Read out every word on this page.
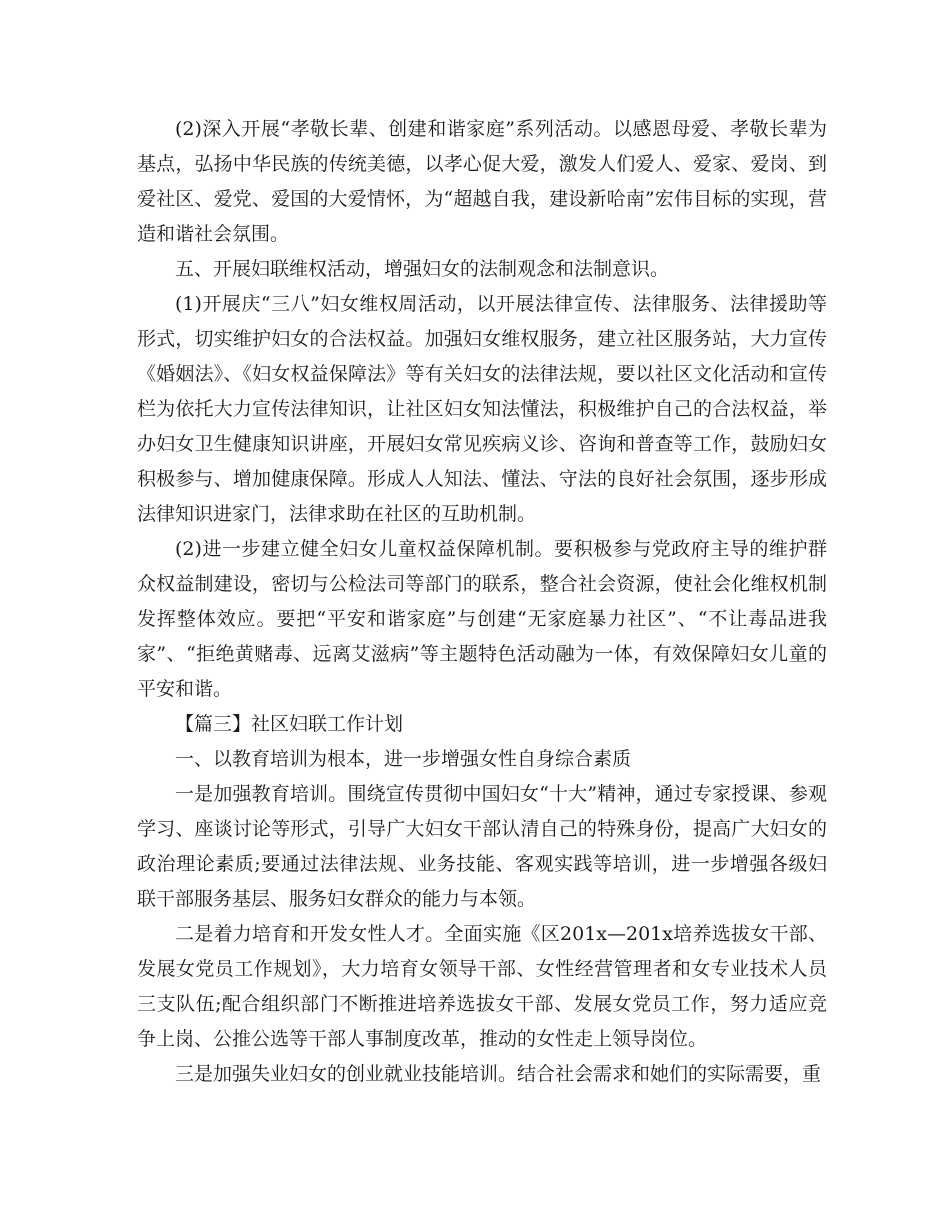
(2)深入开展“孝敬长辈、创建和谐家庭”系列活动。以感恩母爱、孝敬长辈为基点，弘扬中华民族的传统美德，以孝心促大爱，激发人们爱人、爱家、爱岗、到爱社区、爱党、爱国的大爱情怀，为“超越自我，建设新哈南”宏伟目标的实现，营造和谐社会氛围。

五、开展妇联维权活动，增强妇女的法制观念和法制意识。

(1)开展庆“三八”妇女维权周活动，以开展法律宣传、法律服务、法律援助等形式，切实维护妇女的合法权益。加强妇女维权服务，建立社区服务站，大力宣传《婚姻法》、《妇女权益保障法》等有关妇女的法律法规，要以社区文化活动和宣传栏为依托大力宣传法律知识，让社区妇女知法懂法，积极维护自己的合法权益，举办妇女卫生健康知识讲座，开展妇女常见疾病义诊、咨询和普查等工作，鼓励妇女积极参与、增加健康保障。形成人人知法、懂法、守法的良好社会氛围，逐步形成法律知识进家门，法律求助在社区的互助机制。

(2)进一步建立健全妇女儿童权益保障机制。要积极参与党政府主导的维护群众权益制建设，密切与公检法司等部门的联系，整合社会资源，使社会化维权机制发挥整体效应。要把“平安和谐家庭”与创建“无家庭暴力社区”、“不让毒品进我家”、“拒绝黄赌毒、远离艾滋病”等主题特色活动融为一体，有效保障妇女儿童的平安和谐。

【篇三】社区妇联工作计划

一、以教育培训为根本，进一步增强女性自身综合素质

一是加强教育培训。围绕宣传贯彻中国妇女“十大”精神，通过专家授课、参观学习、座谈讨论等形式，引导广大妇女干部认清自己的特殊身份，提高广大妇女的政治理论素质;要通过法律法规、业务技能、客观实践等培训，进一步增强各级妇联干部服务基层、服务妇女群众的能力与本领。

二是着力培育和开发女性人才。全面实施《区201x—201x培养选拔女干部、发展女党员工作规划》，大力培育女领导干部、女性经营管理者和女专业技术人员三支队伍;配合组织部门不断推进培养选拔女干部、发展女党员工作，努力适应竞争上岗、公推公选等干部人事制度改革，推动的女性走上领导岗位。

三是加强失业妇女的创业就业技能培训。结合社会需求和她们的实际需要，重
